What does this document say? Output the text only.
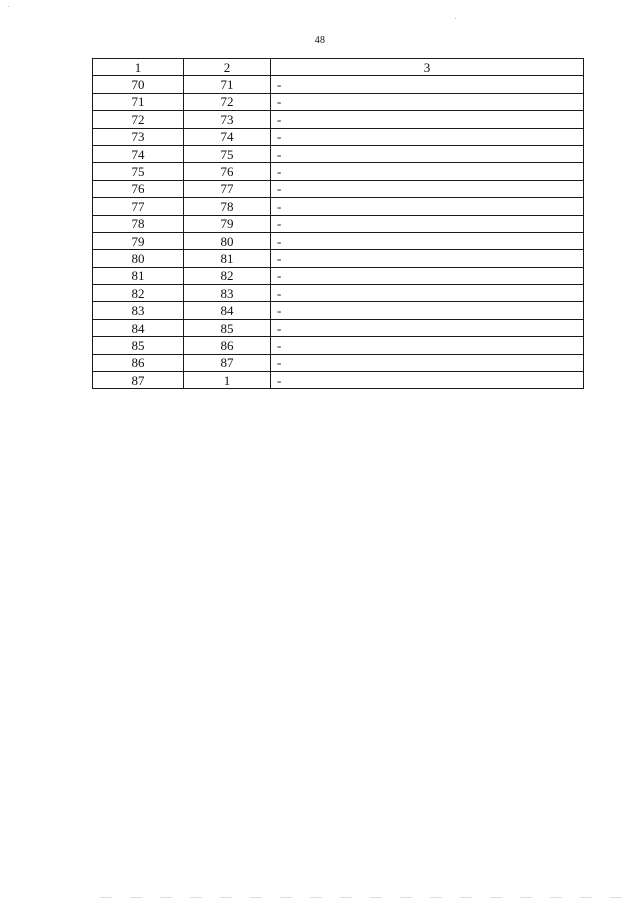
48
1	2	3
70	71	-
71	72	-
72	73	-
73	74	-
74	75	-
75	76	-
76	77	-
77	78	-
78	79	-
79	80	-
80	81	-
81	82	-
82	83	-
83	84	-
84	85	-
85	86	-
86	87	-
87	1	-
